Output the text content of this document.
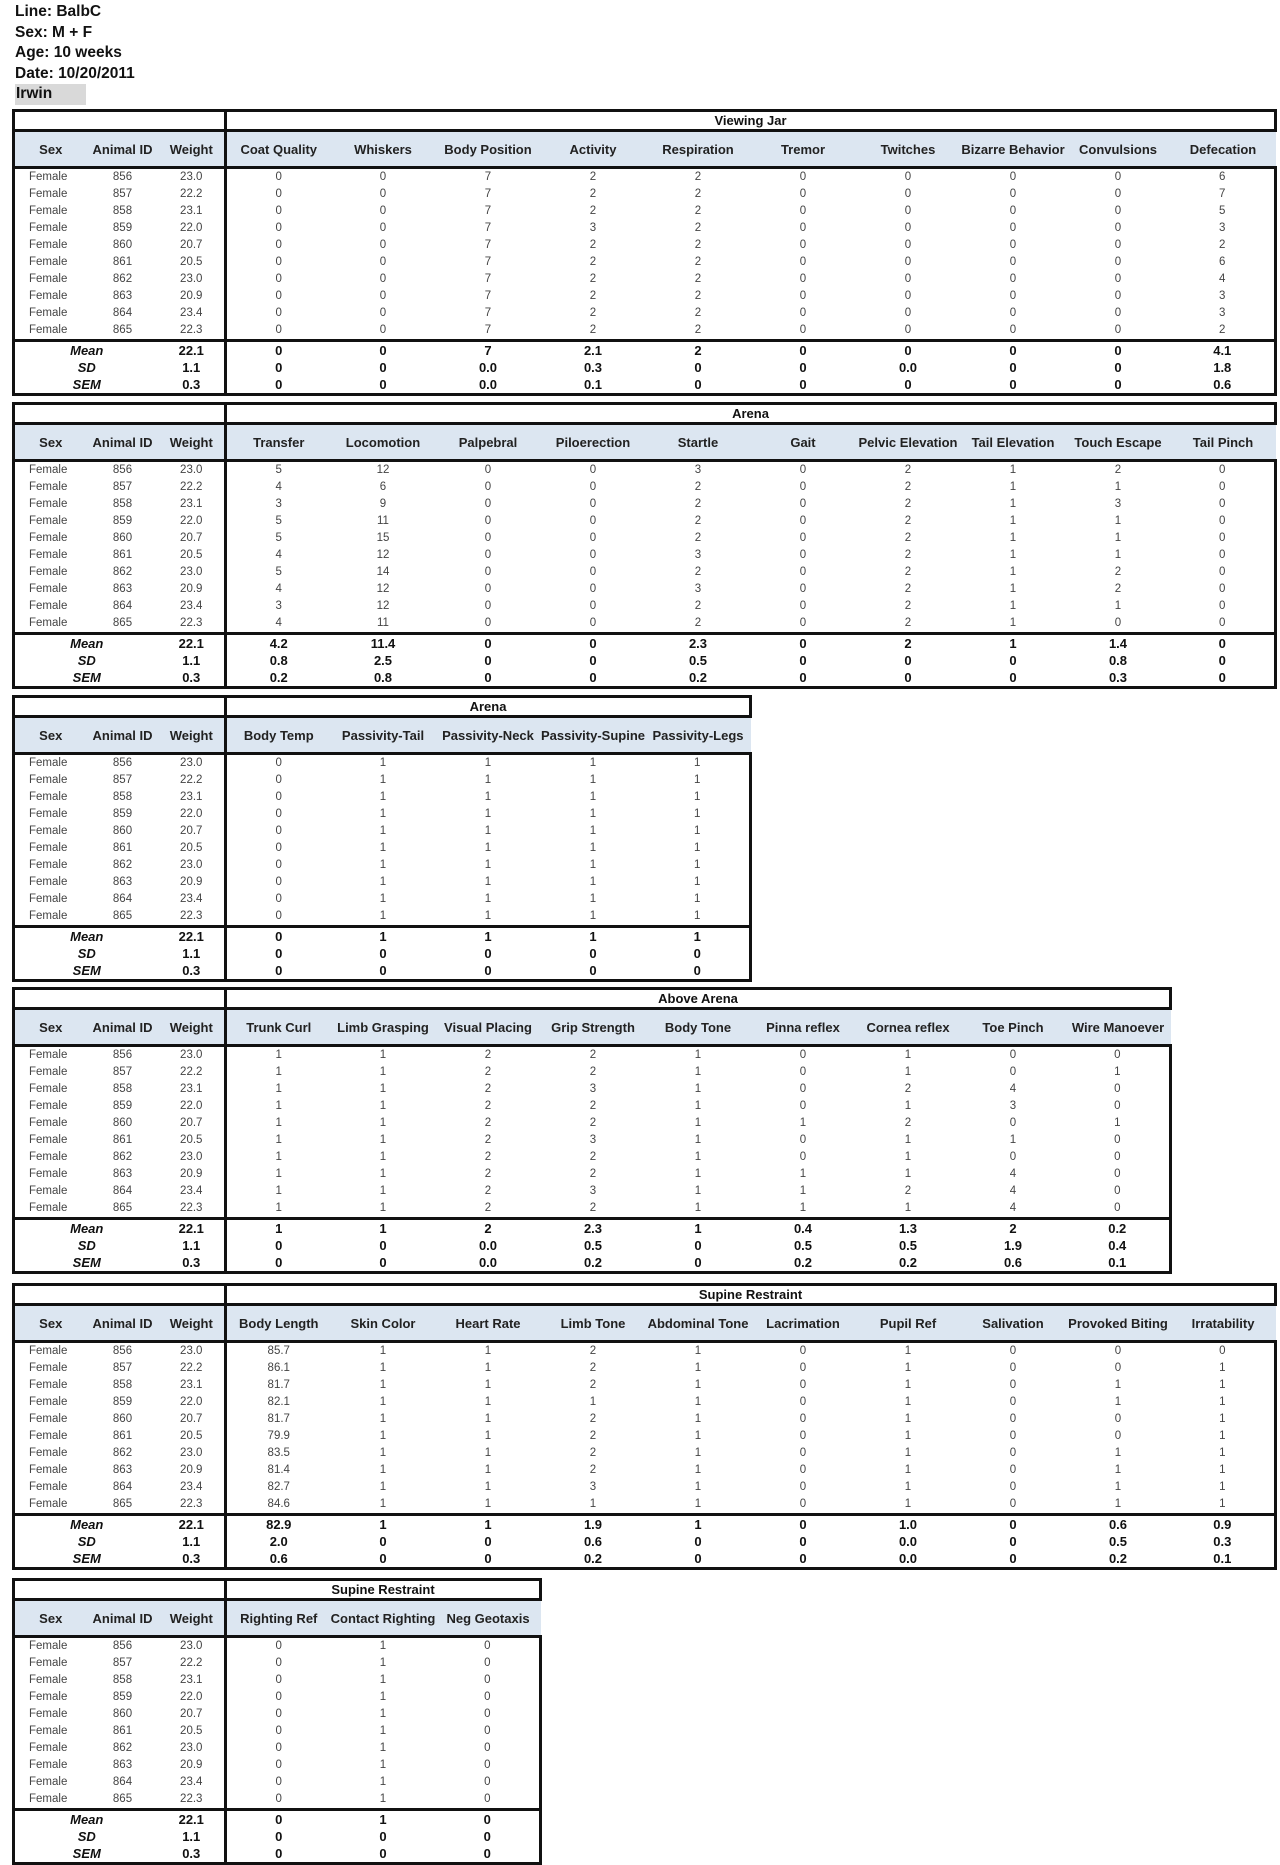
Line: BalbC
Sex: M + F
Age: 10 weeks
Date: 10/20/2011
Irwin
			Viewing Jar									
Sex	Animal ID	Weight	Coat Quality	Whiskers	Body Position	Activity	Respiration	Tremor	Twitches	Bizarre Behavior	Convulsions	Defecation
Female	856	23.0	0	0	7	2	2	0	0	0	0	6
Female	857	22.2	0	0	7	2	2	0	0	0	0	7
Female	858	23.1	0	0	7	2	2	0	0	0	0	5
Female	859	22.0	0	0	7	3	2	0	0	0	0	3
Female	860	20.7	0	0	7	2	2	0	0	0	0	2
Female	861	20.5	0	0	7	2	2	0	0	0	0	6
Female	862	23.0	0	0	7	2	2	0	0	0	0	4
Female	863	20.9	0	0	7	2	2	0	0	0	0	3
Female	864	23.4	0	0	7	2	2	0	0	0	0	3
Female	865	22.3	0	0	7	2	2	0	0	0	0	2
Mean		22.1	0	0	7	2.1	2	0	0	0	0	4.1
SD		1.1	0	0	0.0	0.3	0	0	0.0	0	0	1.8
SEM		0.3	0	0	0.0	0.1	0	0	0	0	0	0.6
			Arena									
Sex	Animal ID	Weight	Transfer	Locomotion	Palpebral	Piloerection	Startle	Gait	Pelvic Elevation	Tail Elevation	Touch Escape	Tail Pinch
Female	856	23.0	5	12	0	0	3	0	2	1	2	0
Female	857	22.2	4	6	0	0	2	0	2	1	1	0
Female	858	23.1	3	9	0	0	2	0	2	1	3	0
Female	859	22.0	5	11	0	0	2	0	2	1	1	0
Female	860	20.7	5	15	0	0	2	0	2	1	1	0
Female	861	20.5	4	12	0	0	3	0	2	1	1	0
Female	862	23.0	5	14	0	0	2	0	2	1	2	0
Female	863	20.9	4	12	0	0	3	0	2	1	2	0
Female	864	23.4	3	12	0	0	2	0	2	1	1	0
Female	865	22.3	4	11	0	0	2	0	2	1	0	0
Mean		22.1	4.2	11.4	0	0	2.3	0	2	1	1.4	0
SD		1.1	0.8	2.5	0	0	0.5	0	0	0	0.8	0
SEM		0.3	0.2	0.8	0	0	0.2	0	0	0	0.3	0
			Arena				
Sex	Animal ID	Weight	Body Temp	Passivity-Tail	Passivity-Neck	Passivity-Supine	Passivity-Legs
Female	856	23.0	0	1	1	1	1
Female	857	22.2	0	1	1	1	1
Female	858	23.1	0	1	1	1	1
Female	859	22.0	0	1	1	1	1
Female	860	20.7	0	1	1	1	1
Female	861	20.5	0	1	1	1	1
Female	862	23.0	0	1	1	1	1
Female	863	20.9	0	1	1	1	1
Female	864	23.4	0	1	1	1	1
Female	865	22.3	0	1	1	1	1
Mean		22.1	0	1	1	1	1
SD		1.1	0	0	0	0	0
SEM		0.3	0	0	0	0	0
			Above Arena								
Sex	Animal ID	Weight	Trunk Curl	Limb Grasping	Visual Placing	Grip Strength	Body Tone	Pinna reflex	Cornea reflex	Toe Pinch	Wire Manoever
Female	856	23.0	1	1	2	2	1	0	1	0	0
Female	857	22.2	1	1	2	2	1	0	1	0	1
Female	858	23.1	1	1	2	3	1	0	2	4	0
Female	859	22.0	1	1	2	2	1	0	1	3	0
Female	860	20.7	1	1	2	2	1	1	2	0	1
Female	861	20.5	1	1	2	3	1	0	1	1	0
Female	862	23.0	1	1	2	2	1	0	1	0	0
Female	863	20.9	1	1	2	2	1	1	1	4	0
Female	864	23.4	1	1	2	3	1	1	2	4	0
Female	865	22.3	1	1	2	2	1	1	1	4	0
Mean		22.1	1	1	2	2.3	1	0.4	1.3	2	0.2
SD		1.1	0	0	0.0	0.5	0	0.5	0.5	1.9	0.4
SEM		0.3	0	0	0.0	0.2	0	0.2	0.2	0.6	0.1
			Supine Restraint									
Sex	Animal ID	Weight	Body Length	Skin Color	Heart Rate	Limb Tone	Abdominal Tone	Lacrimation	Pupil Ref	Salivation	Provoked Biting	Irratability
Female	856	23.0	85.7	1	1	2	1	0	1	0	0	0
Female	857	22.2	86.1	1	1	2	1	0	1	0	0	1
Female	858	23.1	81.7	1	1	2	1	0	1	0	1	1
Female	859	22.0	82.1	1	1	1	1	0	1	0	1	1
Female	860	20.7	81.7	1	1	2	1	0	1	0	0	1
Female	861	20.5	79.9	1	1	2	1	0	1	0	0	1
Female	862	23.0	83.5	1	1	2	1	0	1	0	1	1
Female	863	20.9	81.4	1	1	2	1	0	1	0	1	1
Female	864	23.4	82.7	1	1	3	1	0	1	0	1	1
Female	865	22.3	84.6	1	1	1	1	0	1	0	1	1
Mean		22.1	82.9	1	1	1.9	1	0	1.0	0	0.6	0.9
SD		1.1	2.0	0	0	0.6	0	0	0.0	0	0.5	0.3
SEM		0.3	0.6	0	0	0.2	0	0	0.0	0	0.2	0.1
			Supine Restraint		
Sex	Animal ID	Weight	Righting Ref	Contact Righting	Neg Geotaxis
Female	856	23.0	0	1	0
Female	857	22.2	0	1	0
Female	858	23.1	0	1	0
Female	859	22.0	0	1	0
Female	860	20.7	0	1	0
Female	861	20.5	0	1	0
Female	862	23.0	0	1	0
Female	863	20.9	0	1	0
Female	864	23.4	0	1	0
Female	865	22.3	0	1	0
Mean		22.1	0	1	0
SD		1.1	0	0	0
SEM		0.3	0	0	0
